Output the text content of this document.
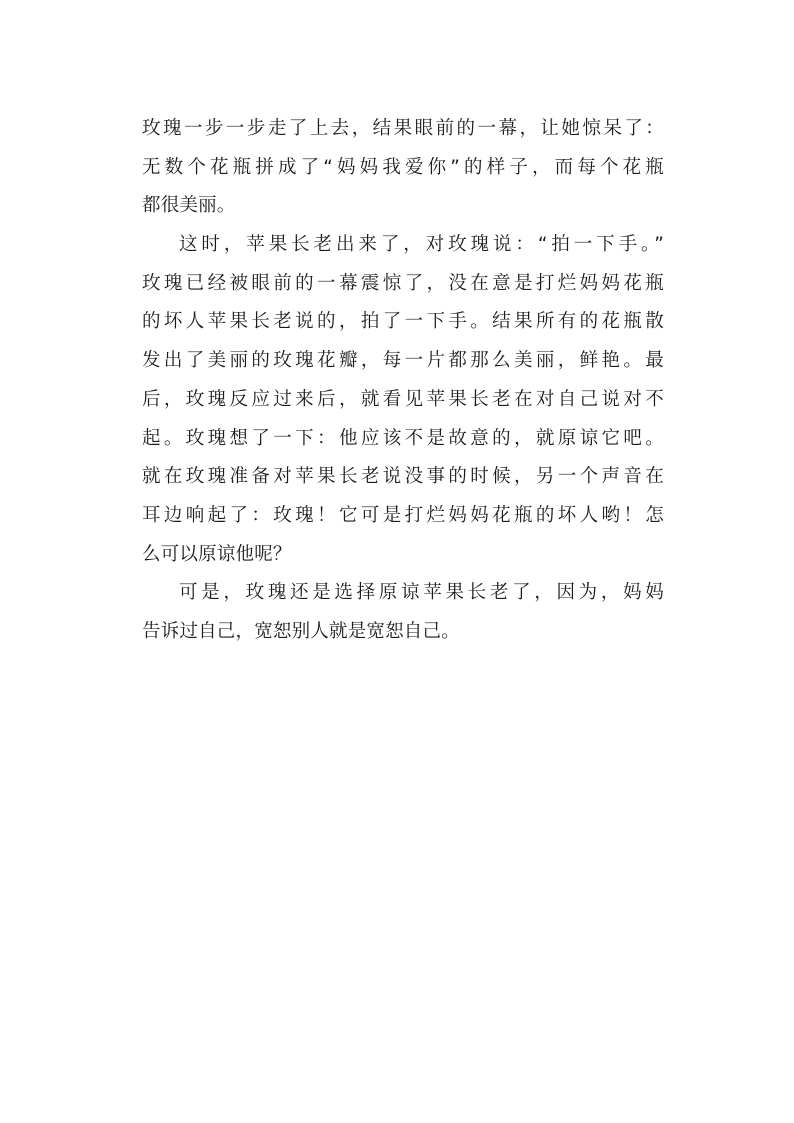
玫瑰一步一步走了上去，结果眼前的一幕，让她惊呆了：
无数个花瓶拼成了“妈妈我爱你”的样子，而每个花瓶
都很美丽。
这时，苹果长老出来了，对玫瑰说：“拍一下手。”
玫瑰已经被眼前的一幕震惊了，没在意是打烂妈妈花瓶
的坏人苹果长老说的，拍了一下手。结果所有的花瓶散
发出了美丽的玫瑰花瓣，每一片都那么美丽，鲜艳。最
后，玫瑰反应过来后，就看见苹果长老在对自己说对不
起。玫瑰想了一下：他应该不是故意的，就原谅它吧。
就在玫瑰准备对苹果长老说没事的时候，另一个声音在
耳边响起了：玫瑰！它可是打烂妈妈花瓶的坏人哟！怎
么可以原谅他呢？
可是，玫瑰还是选择原谅苹果长老了，因为，妈妈
告诉过自己，宽恕别人就是宽恕自己。
